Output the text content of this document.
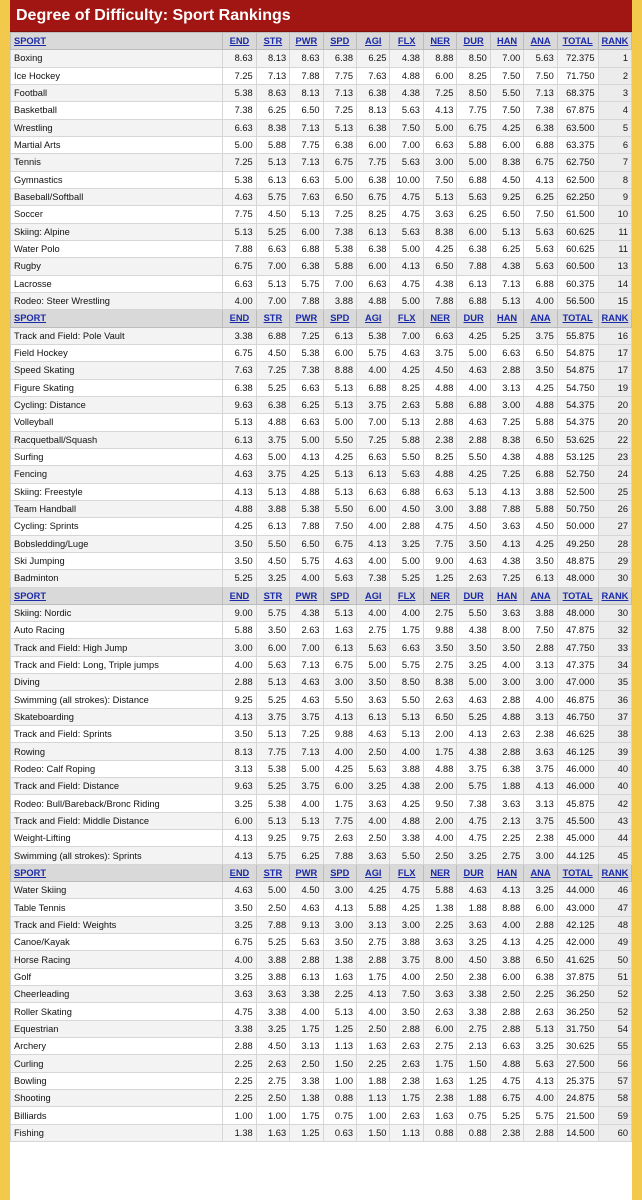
Degree of Difficulty: Sport Rankings
SPORT	END	STR	PWR	SPD	AGI	FLX	NER	DUR	HAN	ANA	TOTAL	RANK
Boxing	8.63	8.13	8.63	6.38	6.25	4.38	8.88	8.50	7.00	5.63	72.375	1
Ice Hockey	7.25	7.13	7.88	7.75	7.63	4.88	6.00	8.25	7.50	7.50	71.750	2
Football	5.38	8.63	8.13	7.13	6.38	4.38	7.25	8.50	5.50	7.13	68.375	3
Basketball	7.38	6.25	6.50	7.25	8.13	5.63	4.13	7.75	7.50	7.38	67.875	4
Wrestling	6.63	8.38	7.13	5.13	6.38	7.50	5.00	6.75	4.25	6.38	63.500	5
Martial Arts	5.00	5.88	7.75	6.38	6.00	7.00	6.63	5.88	6.00	6.88	63.375	6
Tennis	7.25	5.13	7.13	6.75	7.75	5.63	3.00	5.00	8.38	6.75	62.750	7
Gymnastics	5.38	6.13	6.63	5.00	6.38	10.00	7.50	6.88	4.50	4.13	62.500	8
Baseball/Softball	4.63	5.75	7.63	6.50	6.75	4.75	5.13	5.63	9.25	6.25	62.250	9
Soccer	7.75	4.50	5.13	7.25	8.25	4.75	3.63	6.25	6.50	7.50	61.500	10
Skiing: Alpine	5.13	5.25	6.00	7.38	6.13	5.63	8.38	6.00	5.13	5.63	60.625	11
Water Polo	7.88	6.63	6.88	5.38	6.38	5.00	4.25	6.38	6.25	5.63	60.625	11
Rugby	6.75	7.00	6.38	5.88	6.00	4.13	6.50	7.88	4.38	5.63	60.500	13
Lacrosse	6.63	5.13	5.75	7.00	6.63	4.75	4.38	6.13	7.13	6.88	60.375	14
Rodeo: Steer Wrestling	4.00	7.00	7.88	3.88	4.88	5.00	7.88	6.88	5.13	4.00	56.500	15
SPORT	END	STR	PWR	SPD	AGI	FLX	NER	DUR	HAN	ANA	TOTAL	RANK
Track and Field: Pole Vault	3.38	6.88	7.25	6.13	5.38	7.00	6.63	4.25	5.25	3.75	55.875	16
Field Hockey	6.75	4.50	5.38	6.00	5.75	4.63	3.75	5.00	6.63	6.50	54.875	17
Speed Skating	7.63	7.25	7.38	8.88	4.00	4.25	4.50	4.63	2.88	3.50	54.875	17
Figure Skating	6.38	5.25	6.63	5.13	6.88	8.25	4.88	4.00	3.13	4.25	54.750	19
Cycling: Distance	9.63	6.38	6.25	5.13	3.75	2.63	5.88	6.88	3.00	4.88	54.375	20
Volleyball	5.13	4.88	6.63	5.00	7.00	5.13	2.88	4.63	7.25	5.88	54.375	20
Racquetball/Squash	6.13	3.75	5.00	5.50	7.25	5.88	2.38	2.88	8.38	6.50	53.625	22
Surfing	4.63	5.00	4.13	4.25	6.63	5.50	8.25	5.50	4.38	4.88	53.125	23
Fencing	4.63	3.75	4.25	5.13	6.13	5.63	4.88	4.25	7.25	6.88	52.750	24
Skiing: Freestyle	4.13	5.13	4.88	5.13	6.63	6.88	6.63	5.13	4.13	3.88	52.500	25
Team Handball	4.88	3.88	5.38	5.50	6.00	4.50	3.00	3.88	7.88	5.88	50.750	26
Cycling: Sprints	4.25	6.13	7.88	7.50	4.00	2.88	4.75	4.50	3.63	4.50	50.000	27
Bobsledding/Luge	3.50	5.50	6.50	6.75	4.13	3.25	7.75	3.50	4.13	4.25	49.250	28
Ski Jumping	3.50	4.50	5.75	4.63	4.00	5.00	9.00	4.63	4.38	3.50	48.875	29
Badminton	5.25	3.25	4.00	5.63	7.38	5.25	1.25	2.63	7.25	6.13	48.000	30
SPORT	END	STR	PWR	SPD	AGI	FLX	NER	DUR	HAN	ANA	TOTAL	RANK
Skiing: Nordic	9.00	5.75	4.38	5.13	4.00	4.00	2.75	5.50	3.63	3.88	48.000	30
Auto Racing	5.88	3.50	2.63	1.63	2.75	1.75	9.88	4.38	8.00	7.50	47.875	32
Track and Field: High Jump	3.00	6.00	7.00	6.13	5.63	6.63	3.50	3.50	3.50	2.88	47.750	33
Track and Field: Long, Triple jumps	4.00	5.63	7.13	6.75	5.00	5.75	2.75	3.25	4.00	3.13	47.375	34
Diving	2.88	5.13	4.63	3.00	3.50	8.50	8.38	5.00	3.00	3.00	47.000	35
Swimming (all strokes): Distance	9.25	5.25	4.63	5.50	3.63	5.50	2.63	4.63	2.88	4.00	46.875	36
Skateboarding	4.13	3.75	3.75	4.13	6.13	5.13	6.50	5.25	4.88	3.13	46.750	37
Track and Field: Sprints	3.50	5.13	7.25	9.88	4.63	5.13	2.00	4.13	2.63	2.38	46.625	38
Rowing	8.13	7.75	7.13	4.00	2.50	4.00	1.75	4.38	2.88	3.63	46.125	39
Rodeo: Calf Roping	3.13	5.38	5.00	4.25	5.63	3.88	4.88	3.75	6.38	3.75	46.000	40
Track and Field: Distance	9.63	5.25	3.75	6.00	3.25	4.38	2.00	5.75	1.88	4.13	46.000	40
Rodeo: Bull/Bareback/Bronc Riding	3.25	5.38	4.00	1.75	3.63	4.25	9.50	7.38	3.63	3.13	45.875	42
Track and Field: Middle Distance	6.00	5.13	5.13	7.75	4.00	4.88	2.00	4.75	2.13	3.75	45.500	43
Weight-Lifting	4.13	9.25	9.75	2.63	2.50	3.38	4.00	4.75	2.25	2.38	45.000	44
Swimming (all strokes): Sprints	4.13	5.75	6.25	7.88	3.63	5.50	2.50	3.25	2.75	3.00	44.125	45
SPORT	END	STR	PWR	SPD	AGI	FLX	NER	DUR	HAN	ANA	TOTAL	RANK
Water Skiing	4.63	5.00	4.50	3.00	4.25	4.75	5.88	4.63	4.13	3.25	44.000	46
Table Tennis	3.50	2.50	4.63	4.13	5.88	4.25	1.38	1.88	8.88	6.00	43.000	47
Track and Field: Weights	3.25	7.88	9.13	3.00	3.13	3.00	2.25	3.63	4.00	2.88	42.125	48
Canoe/Kayak	6.75	5.25	5.63	3.50	2.75	3.88	3.63	3.25	4.13	4.25	42.000	49
Horse Racing	4.00	3.88	2.88	1.38	2.88	3.75	8.00	4.50	3.88	6.50	41.625	50
Golf	3.25	3.88	6.13	1.63	1.75	4.00	2.50	2.38	6.00	6.38	37.875	51
Cheerleading	3.63	3.63	3.38	2.25	4.13	7.50	3.63	3.38	2.50	2.25	36.250	52
Roller Skating	4.75	3.38	4.00	5.13	4.00	3.50	2.63	3.38	2.88	2.63	36.250	52
Equestrian	3.38	3.25	1.75	1.25	2.50	2.88	6.00	2.75	2.88	5.13	31.750	54
Archery	2.88	4.50	3.13	1.13	1.63	2.63	2.75	2.13	6.63	3.25	30.625	55
Curling	2.25	2.63	2.50	1.50	2.25	2.63	1.75	1.50	4.88	5.63	27.500	56
Bowling	2.25	2.75	3.38	1.00	1.88	2.38	1.63	1.25	4.75	4.13	25.375	57
Shooting	2.25	2.50	1.38	0.88	1.13	1.75	2.38	1.88	6.75	4.00	24.875	58
Billiards	1.00	1.00	1.75	0.75	1.00	2.63	1.63	0.75	5.25	5.75	21.500	59
Fishing	1.38	1.63	1.25	0.63	1.50	1.13	0.88	0.88	2.38	2.88	14.500	60
